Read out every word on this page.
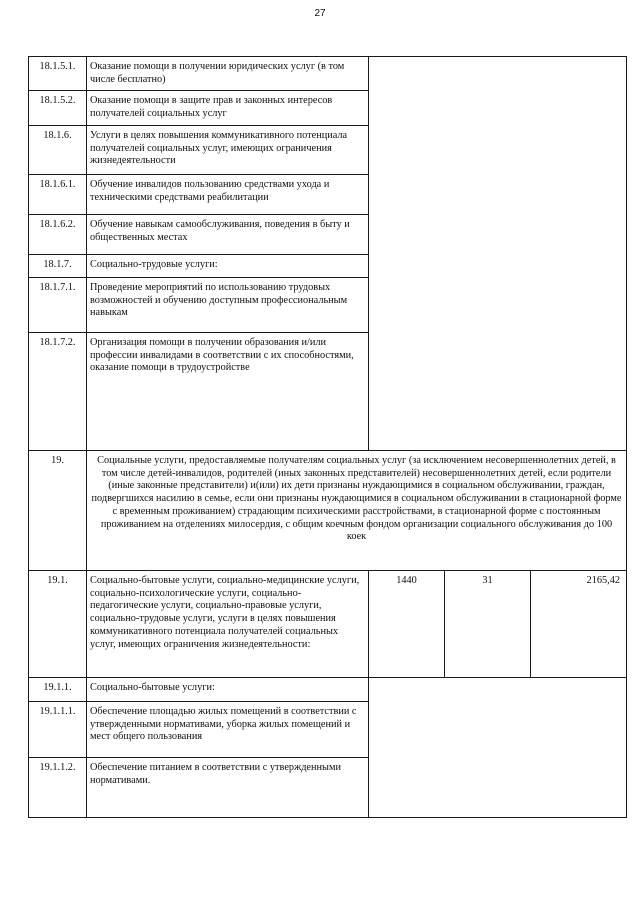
27
18.1.5.1.	Оказание помощи в получении юридических услуг (в том числе бесплатно)			
18.1.5.2.	Оказание помощи в защите прав и законных интересов получателей социальных услуг			
18.1.6.	Услуги в целях повышения коммуникативного потенциала получателей социальных услуг, имеющих ограничения жизнедеятельности			
18.1.6.1.	Обучение инвалидов пользованию средствами ухода и техническими средствами реабилитации			
18.1.6.2.	Обучение навыкам самообслуживания, поведения в быту и общественных местах			
18.1.7.	Социально-трудовые услуги:			
18.1.7.1.	Проведение мероприятий по использованию трудовых возможностей и обучению доступным профессиональным навыкам			
18.1.7.2.	Организация помощи в получении образования и/или профессии инвалидами в соответствии с их способностями, оказание помощи в трудоустройстве			
19.	Социальные услуги, предоставляемые получателям социальных услуг (за исключением несовершеннолетних детей, в том числе детей-инвалидов, родителей (иных законных представителей) несовершеннолетних детей, если родители (иные законные представители) и(или) их дети признаны нуждающимися в социальном обслуживании, граждан, подвергшихся насилию в семье, если они признаны нуждающимися в социальном обслуживании в стационарной форме с временным проживанием) страдающим психическими расстройствами, в стационарной форме с постоянным проживанием на отделениях милосердия, с общим коечным фондом организации социального обслуживания до 100 коек			
19.1.	Социально-бытовые услуги, социально-медицинские услуги, социально-психологические услуги, социально-педагогические услуги, социально-правовые услуги, социально-трудовые услуги, услуги в целях повышения коммуникативного потенциала получателей социальных услуг, имеющих ограничения жизнедеятельности:	1440	31	2165,42
19.1.1.	Социально-бытовые услуги:			
19.1.1.1.	Обеспечение площадью жилых помещений в соответствии с утвержденными нормативами, уборка жилых помещений и мест общего пользования			
19.1.1.2.	Обеспечение питанием в соответствии с утвержденными нормативами.			
